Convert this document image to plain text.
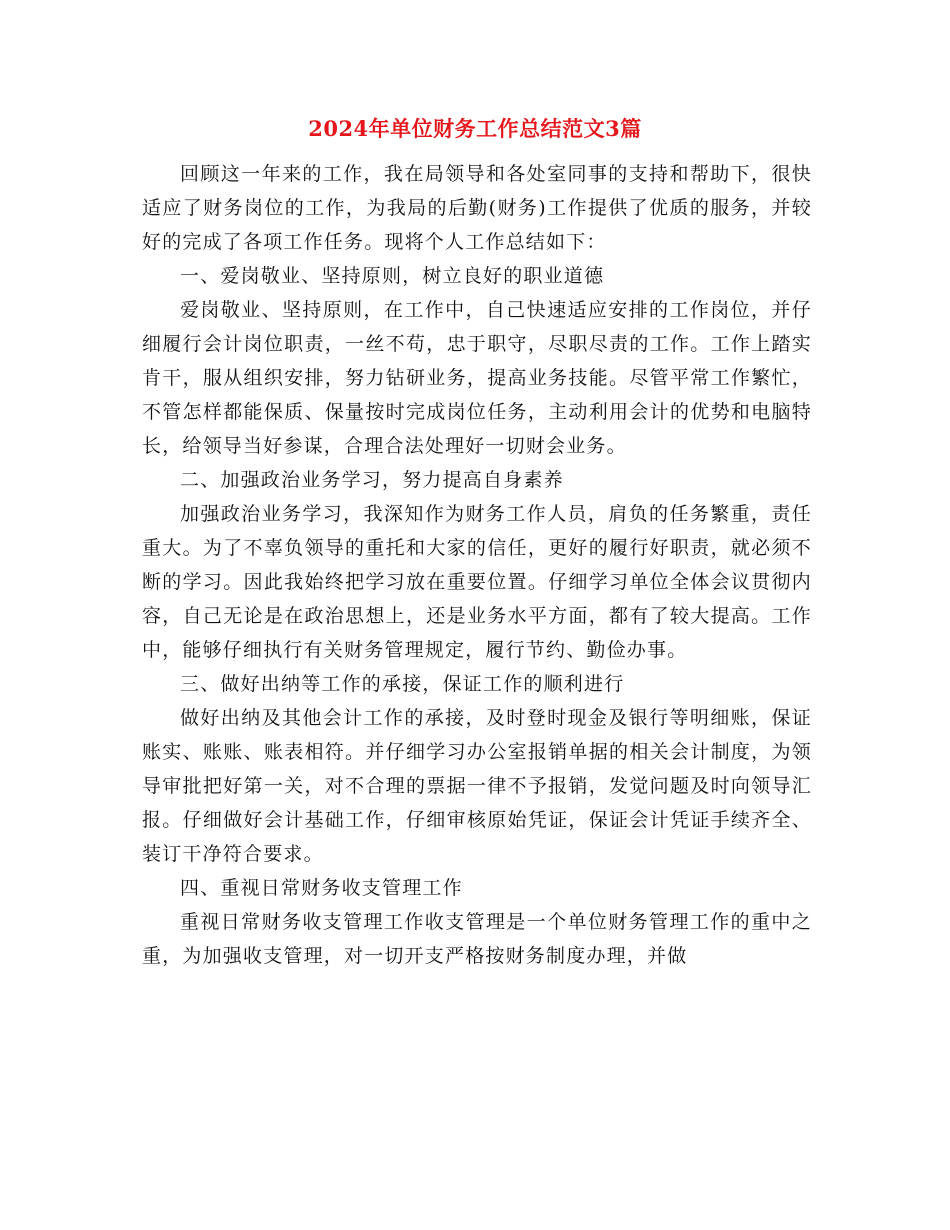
2024年单位财务工作总结范文3篇

回顾这一年来的工作，我在局领导和各处室同事的支持和帮助下，很快适应了财务岗位的工作，为我局的后勤(财务)工作提供了优质的服务，并较好的完成了各项工作任务。现将个人工作总结如下：

一、爱岗敬业、坚持原则，树立良好的职业道德

爱岗敬业、坚持原则，在工作中，自己快速适应安排的工作岗位，并仔细履行会计岗位职责，一丝不苟，忠于职守，尽职尽责的工作。工作上踏实肯干，服从组织安排，努力钻研业务，提高业务技能。尽管平常工作繁忙，不管怎样都能保质、保量按时完成岗位任务，主动利用会计的优势和电脑特长，给领导当好参谋，合理合法处理好一切财会业务。

二、加强政治业务学习，努力提高自身素养

加强政治业务学习，我深知作为财务工作人员，肩负的任务繁重，责任重大。为了不辜负领导的重托和大家的信任，更好的履行好职责，就必须不断的学习。因此我始终把学习放在重要位置。仔细学习单位全体会议贯彻内容，自己无论是在政治思想上，还是业务水平方面，都有了较大提高。工作中，能够仔细执行有关财务管理规定，履行节约、勤俭办事。

三、做好出纳等工作的承接，保证工作的顺利进行

做好出纳及其他会计工作的承接，及时登时现金及银行等明细账，保证账实、账账、账表相符。并仔细学习办公室报销单据的相关会计制度，为领导审批把好第一关，对不合理的票据一律不予报销，发觉问题及时向领导汇报。仔细做好会计基础工作，仔细审核原始凭证，保证会计凭证手续齐全、装订干净符合要求。

四、重视日常财务收支管理工作

重视日常财务收支管理工作收支管理是一个单位财务管理工作的重中之重，为加强收支管理，对一切开支严格按财务制度办理，并做
